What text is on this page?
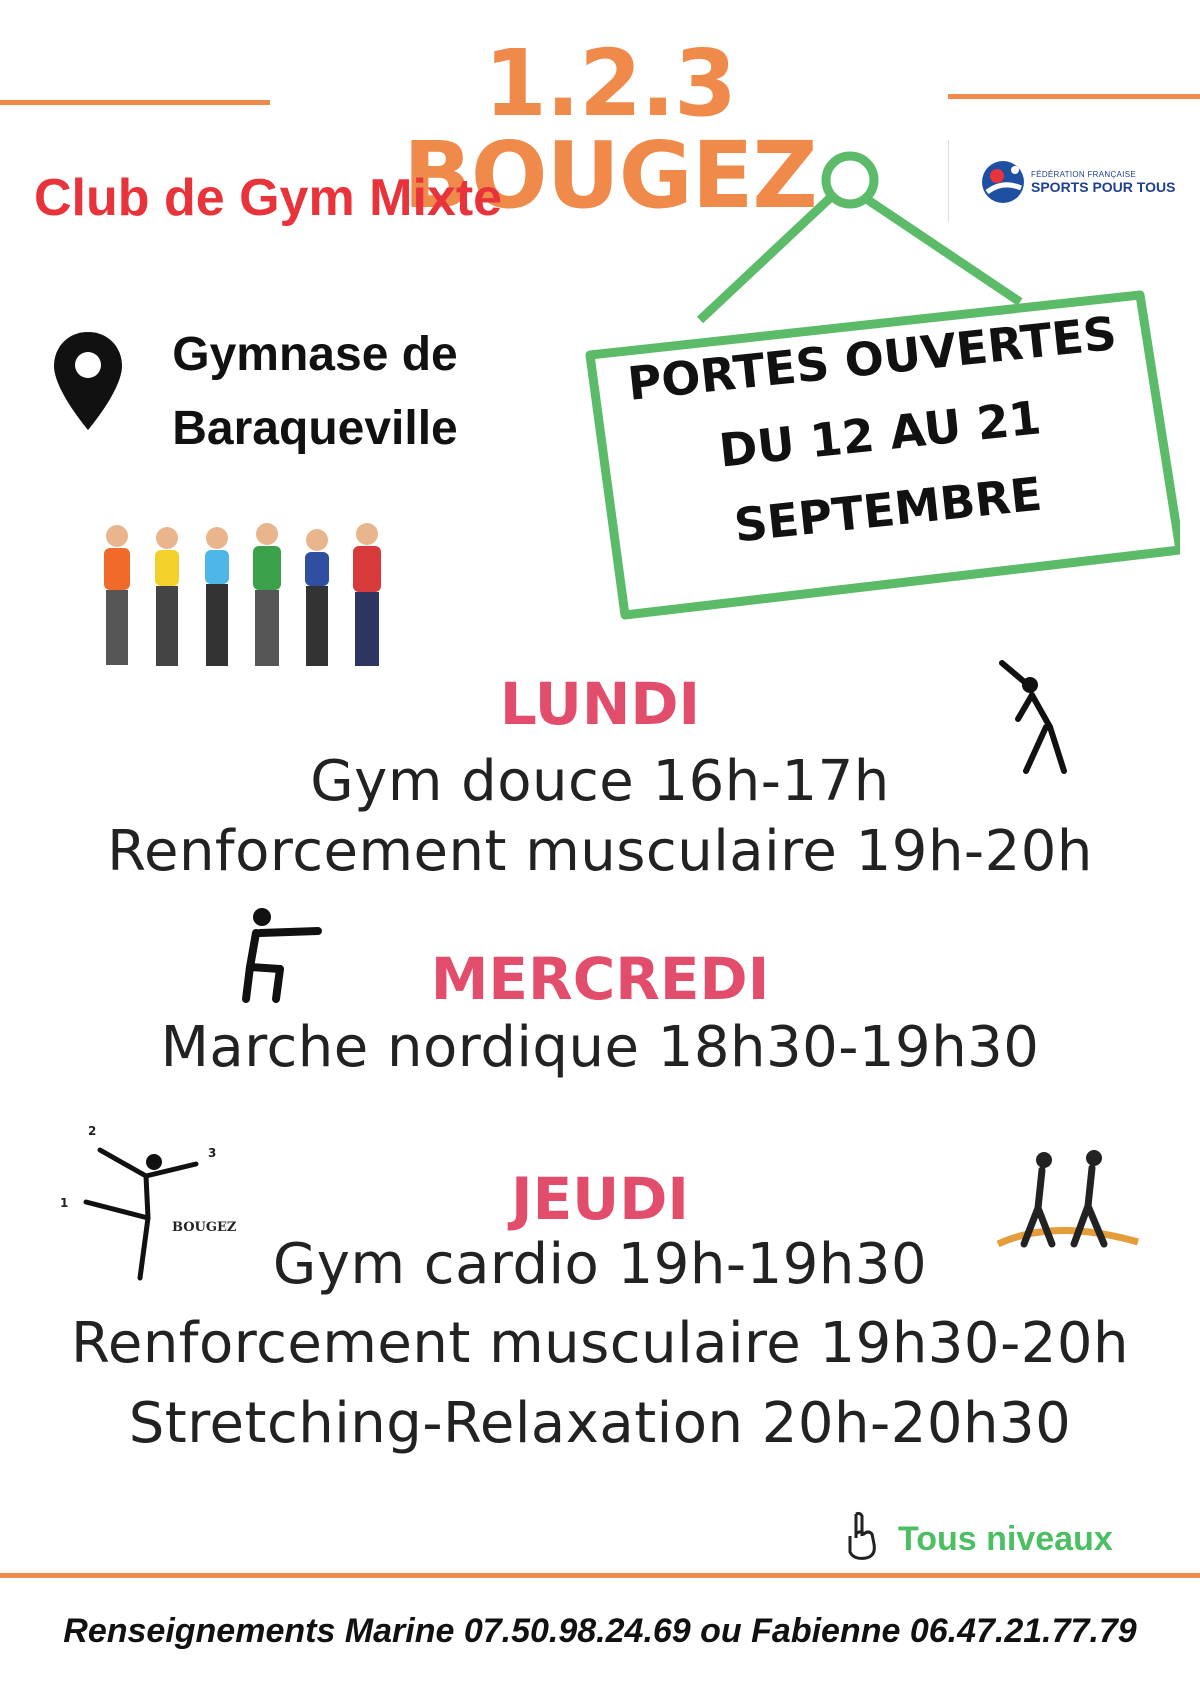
1.2.3 BOUGEZ
Club de Gym Mixte	FÉDÉRATION FRANÇAISE
SPORTS POUR TOUS
Gymnase de
Baraqueville
PORTES OUVERTES
DU 12 AU 21
SEPTEMBRE
2
3
1
BOUGEZ
LUNDI
Gym douce 16h-17h
Renforcement musculaire 19h-20h
MERCREDI
Marche nordique 18h30-19h30
JEUDI
Gym cardio 19h-19h30
Renforcement musculaire 19h30-20h
Stretching-Relaxation 20h-20h30
Tous niveaux
Renseignements Marine 07.50.98.24.69 ou Fabienne 06.47.21.77.79
